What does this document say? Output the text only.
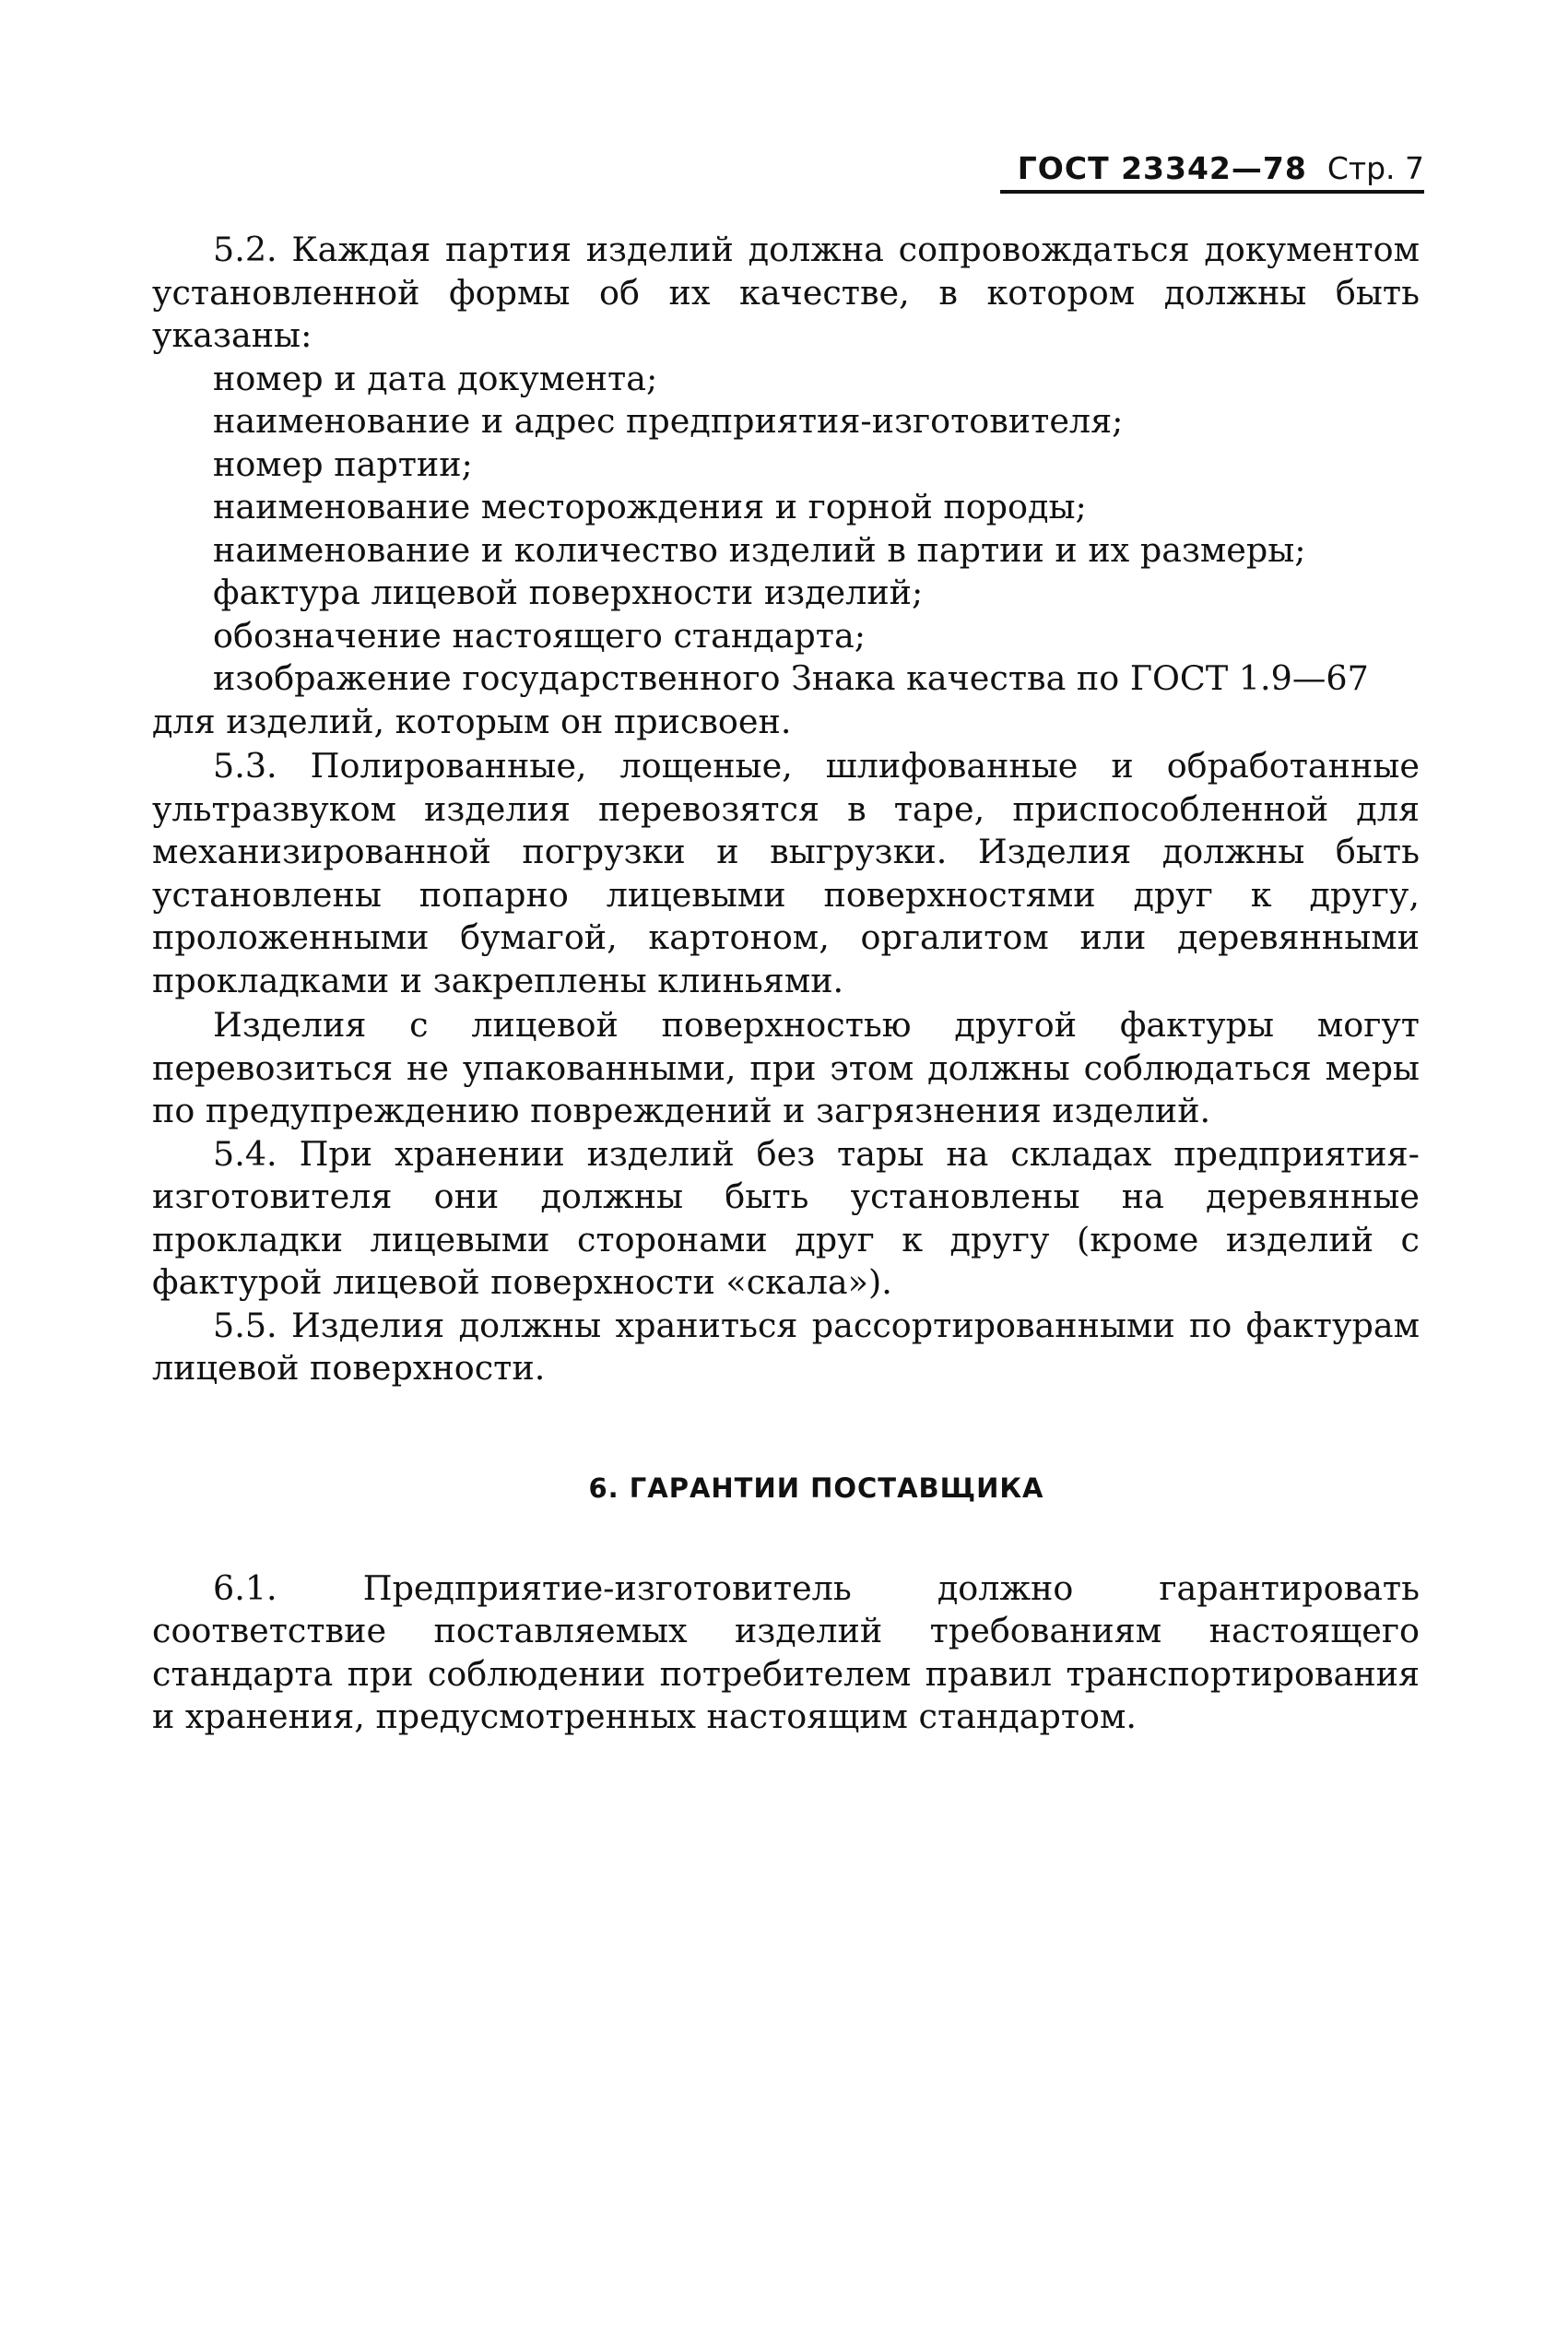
ГОСТ 23342—78 Стр. 7

5.2. Каждая партия изделий должна сопровождаться документом установленной формы об их качестве, в котором должны быть указаны:

номер и дата документа;

наименование и адрес предприятия-изготовителя;

номер партии;

наименование месторождения и горной породы;

наименование и количество изделий в партии и их размеры;

фактура лицевой поверхности изделий;

обозначение настоящего стандарта;

изображение государственного Знака качества по ГОСТ 1.9—67

для изделий, которым он присвоен.

5.3. Полированные, лощеные, шлифованные и обработанные ультразвуком изделия перевозятся в таре, приспособленной для механизированной погрузки и выгрузки. Изделия должны быть установлены попарно лицевыми поверхностями друг к другу, проложенными бумагой, картоном, оргалитом или деревянными прокладками и закреплены клиньями.

Изделия с лицевой поверхностью другой фактуры могут перевозиться не упакованными, при этом должны соблюдаться меры по предупреждению повреждений и загрязнения изделий.

5.4. При хранении изделий без тары на складах предприятия-изготовителя они должны быть установлены на деревянные прокладки лицевыми сторонами друг к другу (кроме изделий с фактурой лицевой поверхности «скала»).

5.5. Изделия должны храниться рассортированными по фактурам лицевой поверхности.

6. ГАРАНТИИ ПОСТАВЩИКА

6.1. Предприятие-изготовитель должно гарантировать соответствие поставляемых изделий требованиям настоящего стандарта при соблюдении потребителем правил транспортирования и хранения, предусмотренных настоящим стандартом.
